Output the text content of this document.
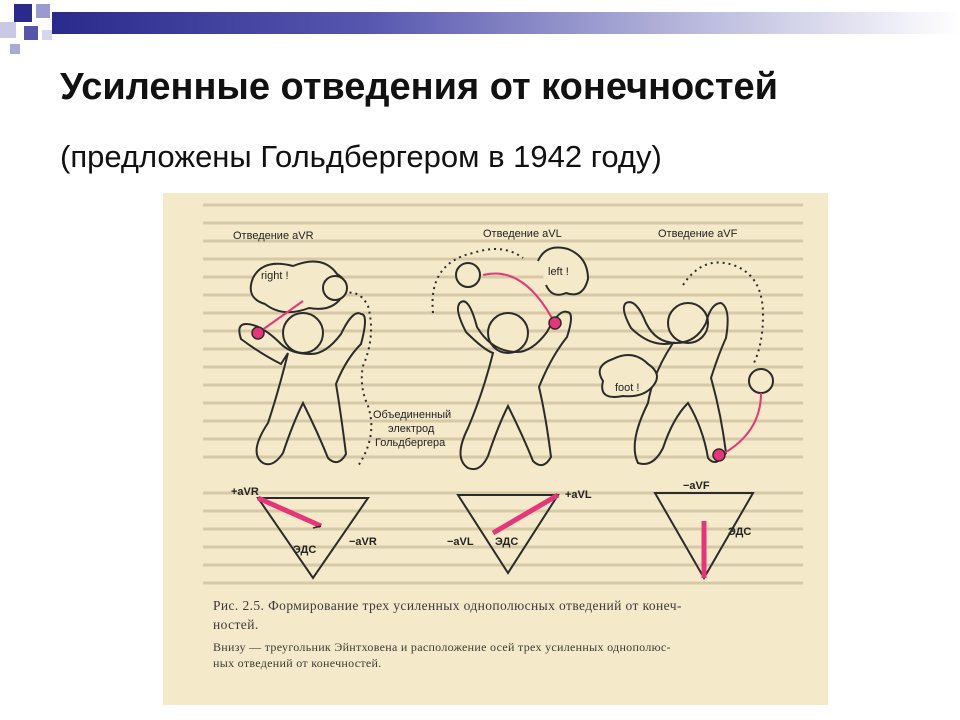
Усиленные отведения от конечностей

(предложены Гольдбергером в 1942 году)

Отведение aVR	Отведение aVL	Отведение aVF
right !	left !
foot !
Объединенный
электрод
Гольдбергера
+aVR
−aVR
ЭДС
+aVL
−aVL ЭДС
−aVF
ЭДС
Рис. 2.5. Формирование трех усиленных однополюсных отведений от конеч-
ностей.
Внизу — треугольник Эйнтховена и расположение осей трех усиленных однополюс-
ных отведений от конечностей.
